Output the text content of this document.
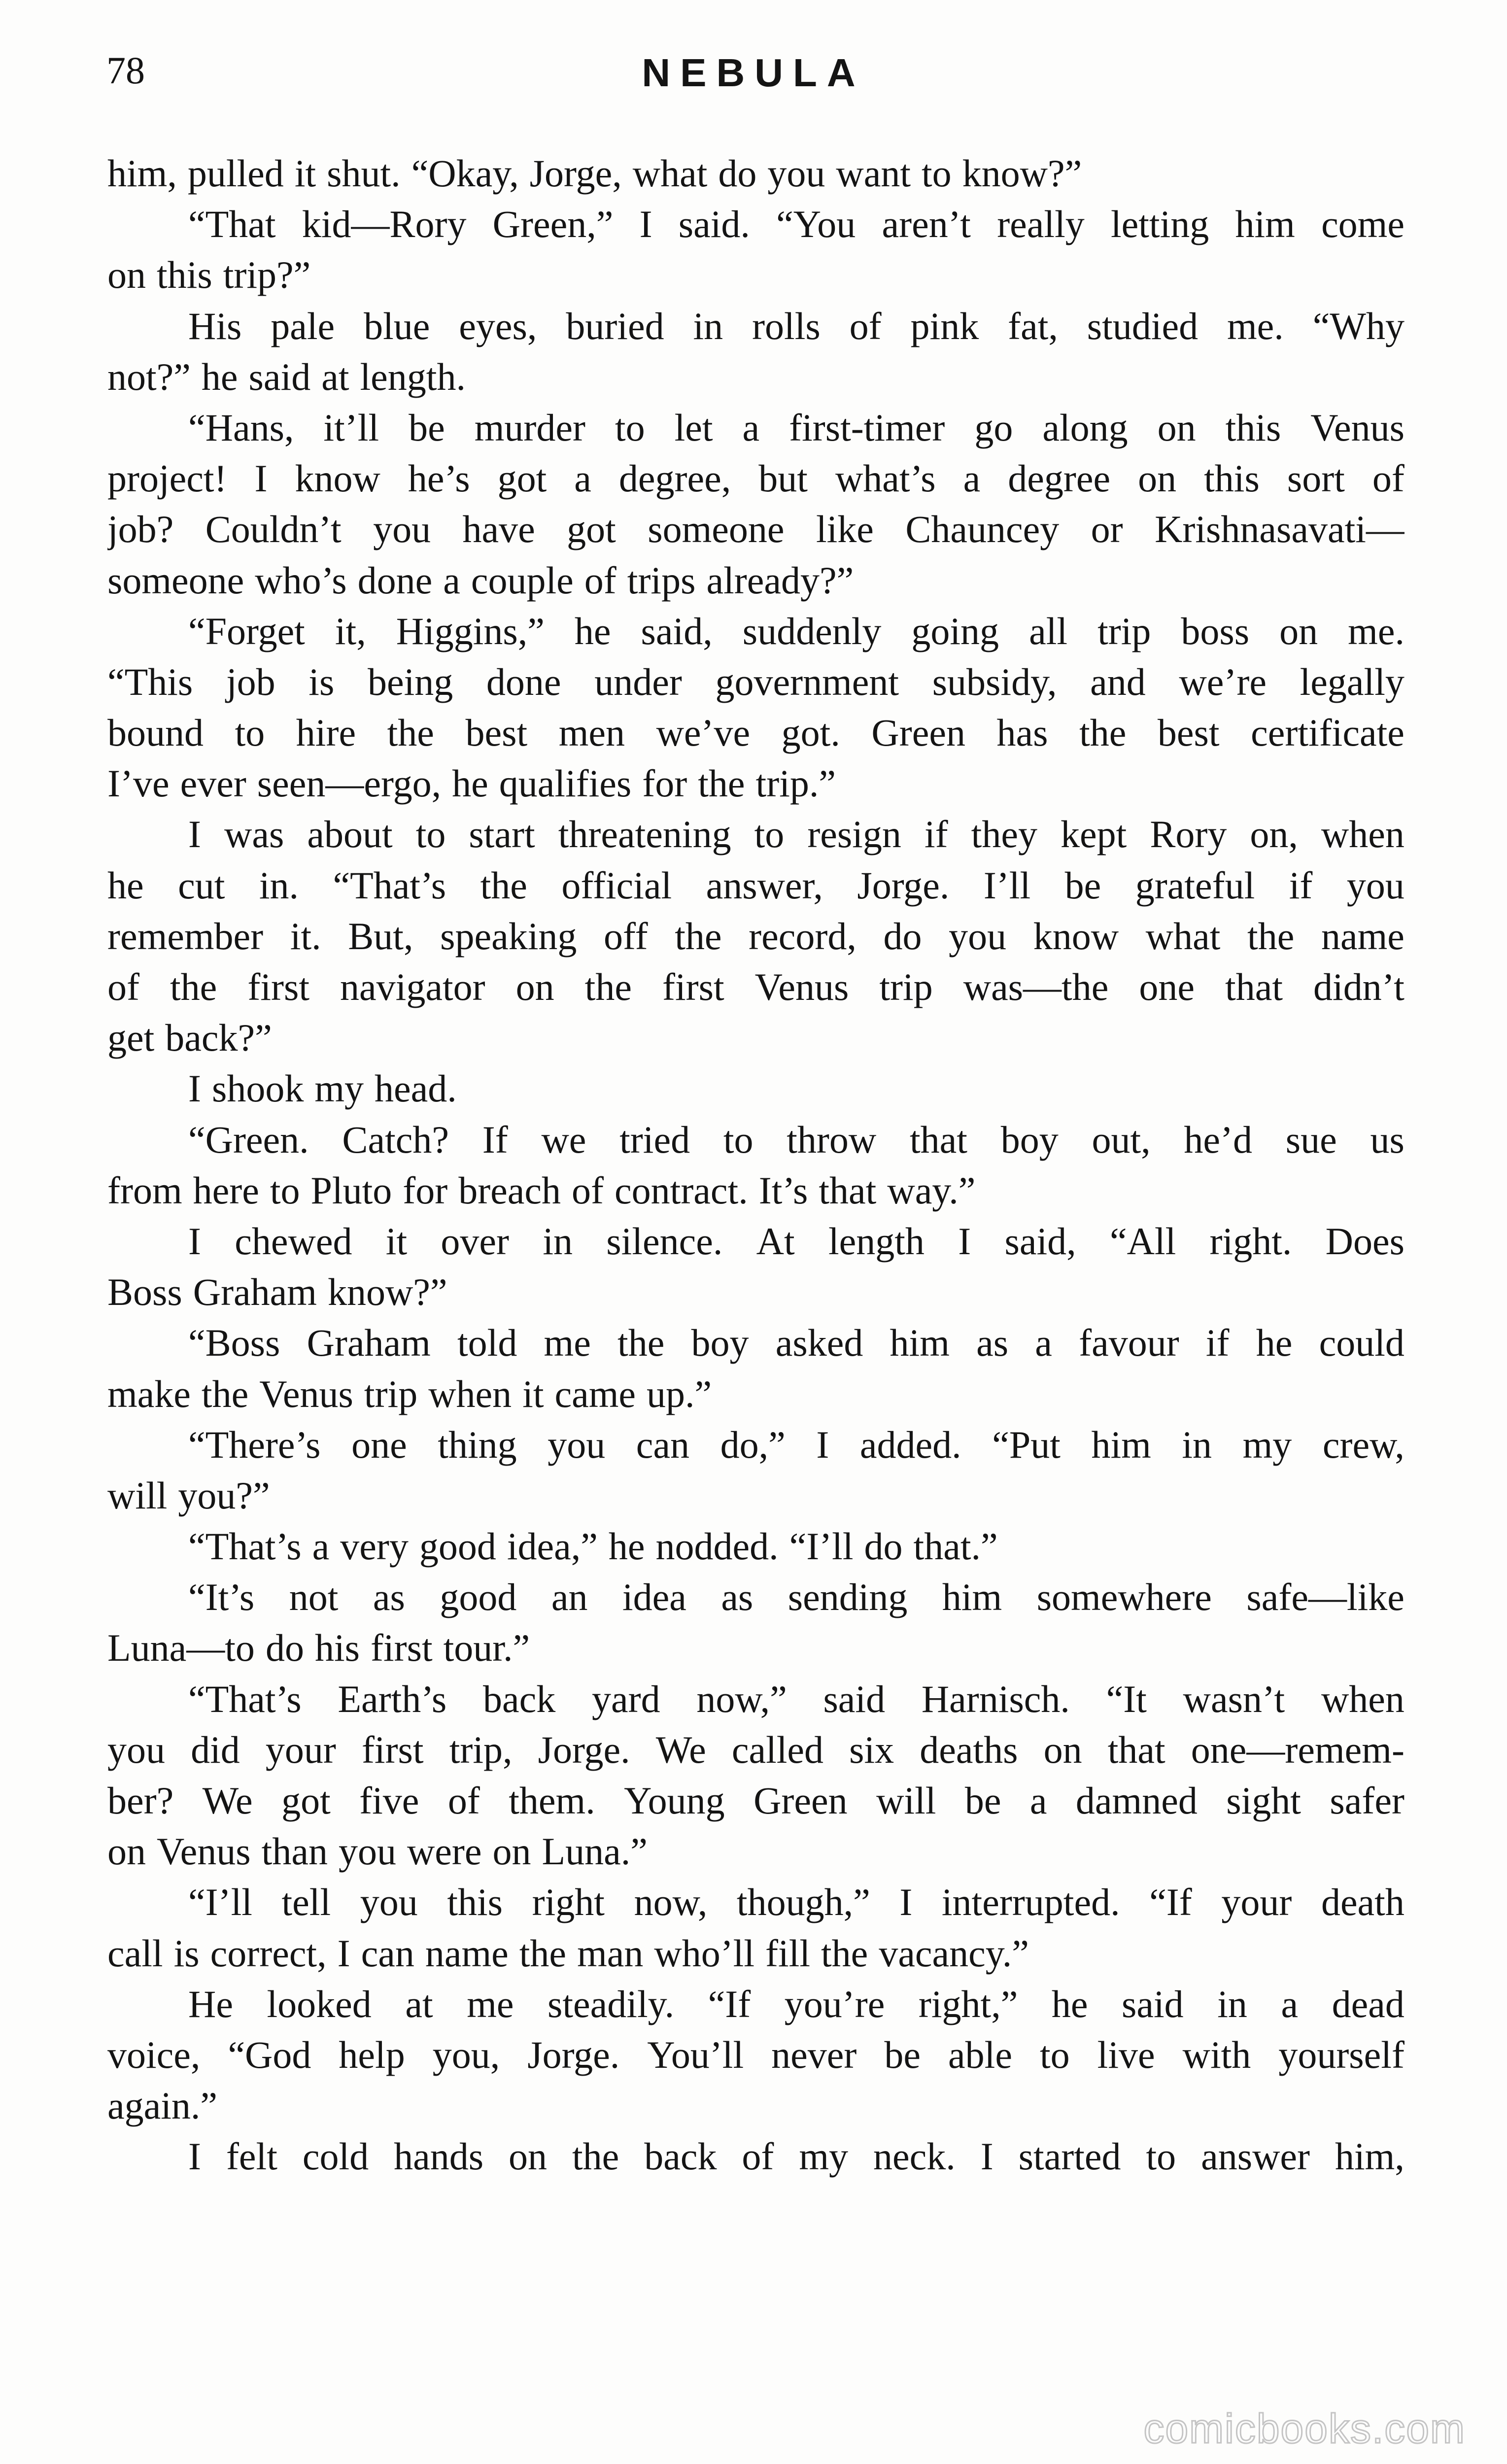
78	NEBULA
him, pulled it shut. “Okay, Jorge, what do you want to know?”
“That kid—Rory Green,” I said. “You aren’t really letting him come
on this trip?”
His pale blue eyes, buried in rolls of pink fat, studied me. “Why
not?” he said at length.
“Hans, it’ll be murder to let a first-timer go along on this Venus
project! I know he’s got a degree, but what’s a degree on this sort of
job? Couldn’t you have got someone like Chauncey or Krishnasavati—
someone who’s done a couple of trips already?”
“Forget it, Higgins,” he said, suddenly going all trip boss on me.
“This job is being done under government subsidy, and we’re legally
bound to hire the best men we’ve got. Green has the best certificate
I’ve ever seen—ergo, he qualifies for the trip.”
I was about to start threatening to resign if they kept Rory on, when
he cut in. “That’s the official answer, Jorge. I’ll be grateful if you
remember it. But, speaking off the record, do you know what the name
of the first navigator on the first Venus trip was—the one that didn’t
get back?”
I shook my head.
“Green. Catch? If we tried to throw that boy out, he’d sue us
from here to Pluto for breach of contract. It’s that way.”
I chewed it over in silence. At length I said, “All right. Does
Boss Graham know?”
“Boss Graham told me the boy asked him as a favour if he could
make the Venus trip when it came up.”
“There’s one thing you can do,” I added. “Put him in my crew,
will you?”
“That’s a very good idea,” he nodded. “I’ll do that.”
“It’s not as good an idea as sending him somewhere safe—like
Luna—to do his first tour.”
“That’s Earth’s back yard now,” said Harnisch. “It wasn’t when
you did your first trip, Jorge. We called six deaths on that one—remem-
ber? We got five of them. Young Green will be a damned sight safer
on Venus than you were on Luna.”
“I’ll tell you this right now, though,” I interrupted. “If your death
call is correct, I can name the man who’ll fill the vacancy.”
He looked at me steadily. “If you’re right,” he said in a dead
voice, “God help you, Jorge. You’ll never be able to live with yourself
again.”
I felt cold hands on the back of my neck. I started to answer him,
comicbooks.com
